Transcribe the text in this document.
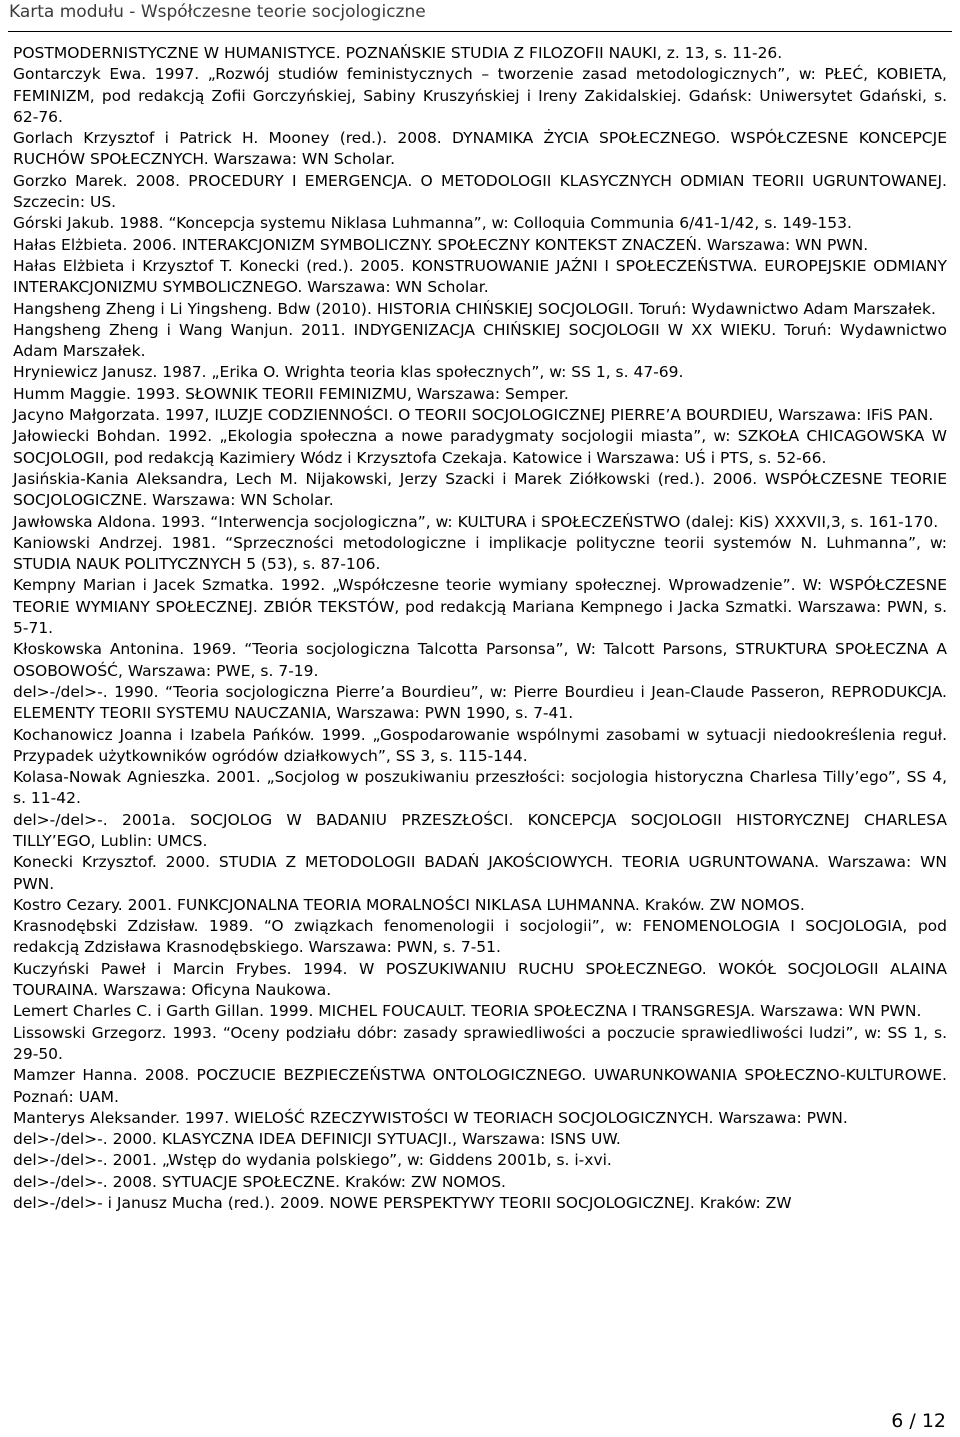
Karta modułu - Współczesne teorie socjologiczne
POSTMODERNISTYCZNE W HUMANISTYCE. POZNAŃSKIE STUDIA Z FILOZOFII NAUKI, z. 13, s. 11-26.
Gontarczyk Ewa. 1997. „Rozwój studiów feministycznych – tworzenie zasad metodologicznych”, w: PŁEĆ, KOBIETA, FEMINIZM, pod redakcją Zofii Gorczyńskiej, Sabiny Kruszyńskiej i Ireny Zakidalskiej. Gdańsk: Uniwersytet Gdański, s. 62-76.
Gorlach Krzysztof i Patrick H. Mooney (red.). 2008. DYNAMIKA ŻYCIA SPOŁECZNEGO. WSPÓŁCZESNE KONCEPCJE RUCHÓW SPOŁECZNYCH. Warszawa: WN Scholar.
Gorzko Marek. 2008. PROCEDURY I EMERGENCJA. O METODOLOGII KLASYCZNYCH ODMIAN TEORII UGRUNTOWANEJ. Szczecin: US.
Górski Jakub. 1988. “Koncepcja systemu Niklasa Luhmanna”, w: Colloquia Communia 6/41-1/42, s. 149-153.
Hałas Elżbieta. 2006. INTERAKCJONIZM SYMBOLICZNY. SPOŁECZNY KONTEKST ZNACZEŃ. Warszawa: WN PWN.
Hałas Elżbieta i Krzysztof T. Konecki (red.). 2005. KONSTRUOWANIE JAŹNI I SPOŁECZEŃSTWA. EUROPEJSKIE ODMIANY INTERAKCJONIZMU SYMBOLICZNEGO. Warszawa: WN Scholar.
Hangsheng Zheng i Li Yingsheng. Bdw (2010). HISTORIA CHIŃSKIEJ SOCJOLOGII. Toruń: Wydawnictwo Adam Marszałek.
Hangsheng Zheng i Wang Wanjun. 2011. INDYGENIZACJA CHIŃSKIEJ SOCJOLOGII W XX WIEKU. Toruń: Wydawnictwo Adam Marszałek.
Hryniewicz Janusz. 1987. „Erika O. Wrighta teoria klas społecznych”, w: SS 1, s. 47-69.
Humm Maggie. 1993. SŁOWNIK TEORII FEMINIZMU, Warszawa: Semper.
Jacyno Małgorzata. 1997, ILUZJE CODZIENNOŚCI. O TEORII SOCJOLOGICZNEJ PIERRE’A BOURDIEU, Warszawa: IFiS PAN.
Jałowiecki Bohdan. 1992. „Ekologia społeczna a nowe paradygmaty socjologii miasta”, w: SZKOŁA CHICAGOWSKA W SOCJOLOGII, pod redakcją Kazimiery Wódz i Krzysztofa Czekaja. Katowice i Warszawa: UŚ i PTS, s. 52-66.
Jasińskia-Kania Aleksandra, Lech M. Nijakowski, Jerzy Szacki i Marek Ziółkowski (red.). 2006. WSPÓŁCZESNE TEORIE SOCJOLOGICZNE. Warszawa: WN Scholar.
Jawłowska Aldona. 1993. “Interwencja socjologiczna”, w: KULTURA i SPOŁECZEŃSTWO (dalej: KiS) XXXVII,3, s. 161-170.
Kaniowski Andrzej. 1981. “Sprzeczności metodologiczne i implikacje polityczne teorii systemów N. Luhmanna”, w: STUDIA NAUK POLITYCZNYCH 5 (53), s. 87-106.
Kempny Marian i Jacek Szmatka. 1992. „Współczesne teorie wymiany społecznej. Wprowadzenie”. W: WSPÓŁCZESNE TEORIE WYMIANY SPOŁECZNEJ. ZBIÓR TEKSTÓW, pod redakcją Mariana Kempnego i Jacka Szmatki. Warszawa: PWN, s. 5-71.
Kłoskowska Antonina. 1969. “Teoria socjologiczna Talcotta Parsonsa”, W: Talcott Parsons, STRUKTURA SPOŁECZNA A OSOBOWOŚĆ, Warszawa: PWE, s. 7-19.
del>-/del>-. 1990. “Teoria socjologiczna Pierre’a Bourdieu”, w: Pierre Bourdieu i Jean-Claude Passeron, REPRODUKCJA. ELEMENTY TEORII SYSTEMU NAUCZANIA, Warszawa: PWN 1990, s. 7-41.
Kochanowicz Joanna i Izabela Pańków. 1999. „Gospodarowanie wspólnymi zasobami w sytuacji niedookreślenia reguł. Przypadek użytkowników ogródów działkowych”, SS 3, s. 115-144.
Kolasa-Nowak Agnieszka. 2001. „Socjolog w poszukiwaniu przeszłości: socjologia historyczna Charlesa Tilly’ego”, SS 4, s. 11-42.
del>-/del>-. 2001a. SOCJOLOG W BADANIU PRZESZŁOŚCI. KONCEPCJA SOCJOLOGII HISTORYCZNEJ CHARLESA TILLY’EGO, Lublin: UMCS.
Konecki Krzysztof. 2000. STUDIA Z METODOLOGII BADAŃ JAKOŚCIOWYCH. TEORIA UGRUNTOWANA. Warszawa: WN PWN.
Kostro Cezary. 2001. FUNKCJONALNA TEORIA MORALNOŚCI NIKLASA LUHMANNA. Kraków. ZW NOMOS.
Krasnodębski Zdzisław. 1989. “O związkach fenomenologii i socjologii”, w: FENOMENOLOGIA I SOCJOLOGIA, pod redakcją Zdzisława Krasnodębskiego. Warszawa: PWN, s. 7-51.
Kuczyński Paweł i Marcin Frybes. 1994. W POSZUKIWANIU RUCHU SPOŁECZNEGO. WOKÓŁ SOCJOLOGII ALAINA TOURAINA. Warszawa: Oficyna Naukowa.
Lemert Charles C. i Garth Gillan. 1999. MICHEL FOUCAULT. TEORIA SPOŁECZNA I TRANSGRESJA. Warszawa: WN PWN.
Lissowski Grzegorz. 1993. “Oceny podziału dóbr: zasady sprawiedliwości a poczucie sprawiedliwości ludzi”, w: SS 1, s. 29-50.
Mamzer Hanna. 2008. POCZUCIE BEZPIECZEŃSTWA ONTOLOGICZNEGO. UWARUNKOWANIA SPOŁECZNO-KULTUROWE. Poznań: UAM.
Manterys Aleksander. 1997. WIELOŚĆ RZECZYWISTOŚCI W TEORIACH SOCJOLOGICZNYCH. Warszawa: PWN.
del>-/del>-. 2000. KLASYCZNA IDEA DEFINICJI SYTUACJI., Warszawa: ISNS UW.
del>-/del>-. 2001. „Wstęp do wydania polskiego”, w: Giddens 2001b, s. i-xvi.
del>-/del>-. 2008. SYTUACJE SPOŁECZNE. Kraków: ZW NOMOS.
del>-/del>- i Janusz Mucha (red.). 2009. NOWE PERSPEKTYWY TEORII SOCJOLOGICZNEJ. Kraków: ZW
6 / 12
